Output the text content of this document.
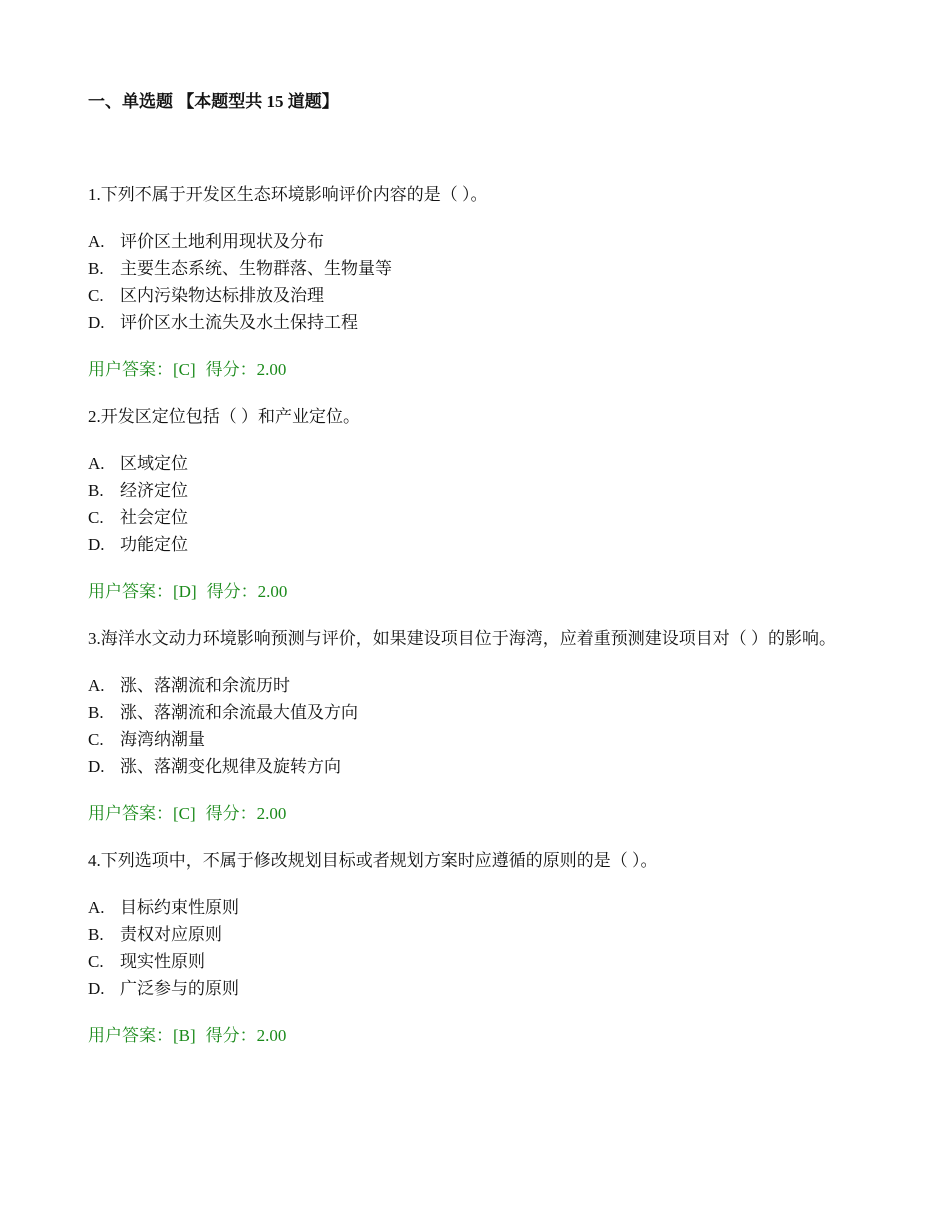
一、单选题 【本题型共 15 道题】

1.下列不属于开发区生态环境影响评价内容的是（ ）。

A. 评价区土地利用现状及分布
B. 主要生态系统、生物群落、生物量等
C. 区内污染物达标排放及治理
D. 评价区水土流失及水土保持工程

用户答案：[C] 得分：2.00

2.开发区定位包括（ ）和产业定位。

A. 区域定位
B. 经济定位
C. 社会定位
D. 功能定位

用户答案：[D] 得分：2.00

3.海洋水文动力环境影响预测与评价，如果建设项目位于海湾，应着重预测建设项目对（ ）的影响。

A. 涨、落潮流和余流历时
B. 涨、落潮流和余流最大值及方向
C. 海湾纳潮量
D. 涨、落潮变化规律及旋转方向

用户答案：[C] 得分：2.00

4.下列选项中，不属于修改规划目标或者规划方案时应遵循的原则的是（ ）。

A. 目标约束性原则
B. 责权对应原则
C. 现实性原则
D. 广泛参与的原则

用户答案：[B] 得分：2.00
